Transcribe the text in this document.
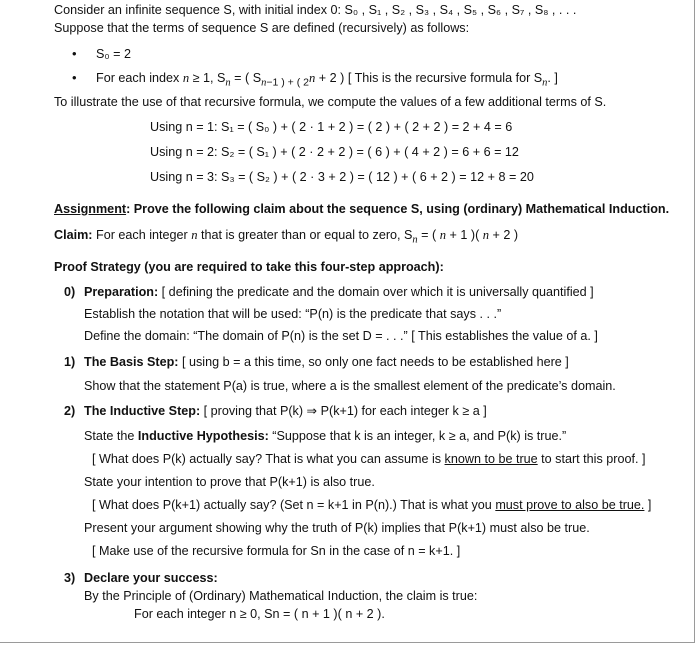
Consider an infinite sequence S, with initial index 0: S₀ , S₁ , S₂ , S₃ , S₄ , S₅ , S₆ , S₇ , S₈ , . . .
Suppose that the terms of sequence S are defined (recursively) as follows:
• S₀ = 2
• For each index n ≥ 1, $S_n$ = ( $S_{n-1 ) + ( 2}n + 2$ ) [ This is the recursive formula for $S_n$. ]
To illustrate the use of that recursive formula, we compute the values of a few additional terms of S.
Using n = 1: S₁ = ( S₀ ) + ( 2 · 1 + 2 ) = ( 2 ) + ( 2 + 2 ) = 2 + 4 = 6
Using n = 2: S₂ = ( S₁ ) + ( 2 · 2 + 2 ) = ( 6 ) + ( 4 + 2 ) = 6 + 6 = 12
Using n = 3: S₃ = ( S₂ ) + ( 2 · 3 + 2 ) = ( 12 ) + ( 6 + 2 ) = 12 + 8 = 20
Assignment: Prove the following claim about the sequence S, using (ordinary) Mathematical Induction.
Claim: For each integer n that is greater than or equal to zero, $S_n$ = ( n + 1 )( n + 2 )
Proof Strategy (you are required to take this four-step approach):
0) Preparation: [ defining the predicate and the domain over which it is universally quantified ]
Establish the notation that will be used: “P(n) is the predicate that says . . .”
Define the domain: “The domain of P(n) is the set D = . . .” [ This establishes the value of a. ]
1) The Basis Step: [ using b = a this time, so only one fact needs to be established here ]
Show that the statement P(a) is true, where a is the smallest element of the predicate’s domain.
2) The Inductive Step: [ proving that P(k) ⇒ P(k+1) for each integer k ≥ a ]
State the Inductive Hypothesis: “Suppose that k is an integer, k ≥ a, and P(k) is true.”
[ What does P(k) actually say? That is what you can assume is known to be true to start this proof. ]
State your intention to prove that P(k+1) is also true.
[ What does P(k+1) actually say? (Set n = k+1 in P(n).) That is what you must prove to also be true. ]
Present your argument showing why the truth of P(k) implies that P(k+1) must also be true.
[ Make use of the recursive formula for Sn in the case of n = k+1. ]
3) Declare your success:
By the Principle of (Ordinary) Mathematical Induction, the claim is true:
For each integer n ≥ 0, Sn = ( n + 1 )( n + 2 ).
